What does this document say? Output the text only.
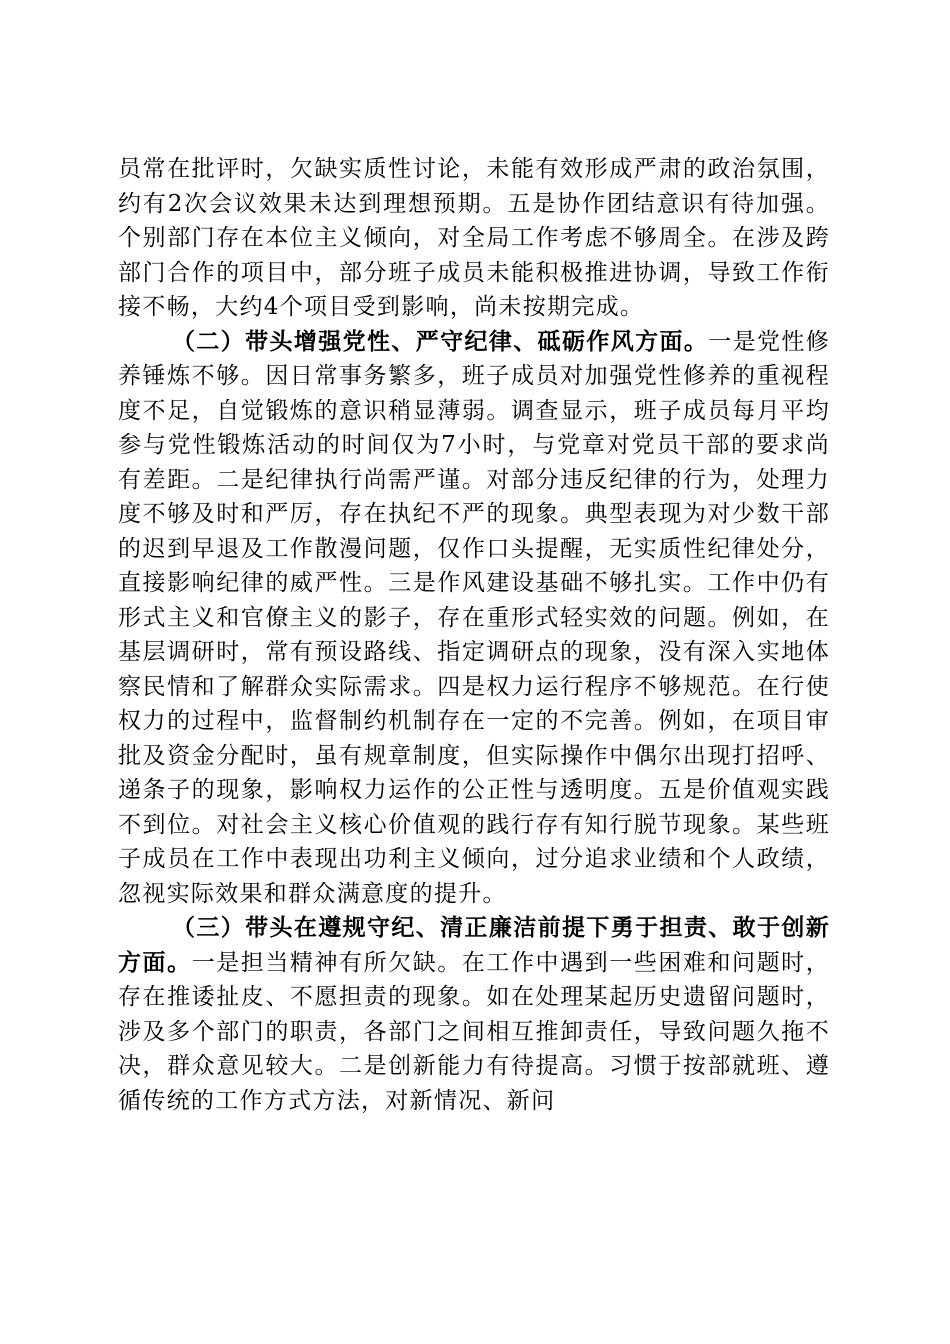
员常在批评时，欠缺实质性讨论，未能有效形成严肃的政治氛围，约有2次会议效果未达到理想预期。五是协作团结意识有待加强。个别部门存在本位主义倾向，对全局工作考虑不够周全。在涉及跨部门合作的项目中，部分班子成员未能积极推进协调，导致工作衔接不畅，大约4个项目受到影响，尚未按期完成。

（二）带头增强党性、严守纪律、砥砺作风方面。一是党性修养锤炼不够。因日常事务繁多，班子成员对加强党性修养的重视程度不足，自觉锻炼的意识稍显薄弱。调查显示，班子成员每月平均参与党性锻炼活动的时间仅为7小时，与党章对党员干部的要求尚有差距。二是纪律执行尚需严谨。对部分违反纪律的行为，处理力度不够及时和严厉，存在执纪不严的现象。典型表现为对少数干部的迟到早退及工作散漫问题，仅作口头提醒，无实质性纪律处分，直接影响纪律的威严性。三是作风建设基础不够扎实。工作中仍有形式主义和官僚主义的影子，存在重形式轻实效的问题。例如，在基层调研时，常有预设路线、指定调研点的现象，没有深入实地体察民情和了解群众实际需求。四是权力运行程序不够规范。在行使权力的过程中，监督制约机制存在一定的不完善。例如，在项目审批及资金分配时，虽有规章制度，但实际操作中偶尔出现打招呼、递条子的现象，影响权力运作的公正性与透明度。五是价值观实践不到位。对社会主义核心价值观的践行存有知行脱节现象。某些班子成员在工作中表现出功利主义倾向，过分追求业绩和个人政绩，忽视实际效果和群众满意度的提升。

（三）带头在遵规守纪、清正廉洁前提下勇于担责、敢于创新方面。一是担当精神有所欠缺。在工作中遇到一些困难和问题时，存在推诿扯皮、不愿担责的现象。如在处理某起历史遗留问题时，涉及多个部门的职责，各部门之间相互推卸责任，导致问题久拖不决，群众意见较大。二是创新能力有待提高。习惯于按部就班、遵循传统的工作方式方法，对新情况、新问
